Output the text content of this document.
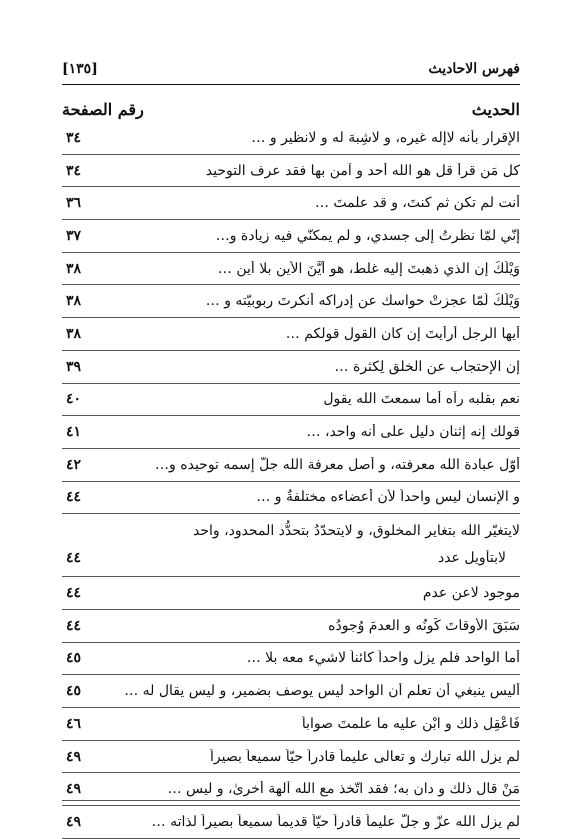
فهرس الاحاديث
[١٣٥]
الحديث
رقم الصفحة
الإقرار بأنه لاإله غيره، و لاشِبهَ له و لانظير و …
٣٤
كل مَن قرأ قل هو الله أحد و آمن بها فقد عرف التوحيد
٣٤
أنت لم تكن ثم كنتَ، و قد علمتَ …
٣٦
إنّي لمّا نظرتُ إلى جسدي، و لم يمكنّي فيه زيادة و…
٣٧
وَيْلَكَ إن الذي ذهبتَ إليه غلط، هو أَيَّنَ الأين بلا أين …
٣٨
وَيْلَكَ لَمّا عجزتْ حواسك عن إدراكه أنكرتَ ربوبيّته و …
٣٨
أيها الرجل أرأيتَ إن كان القول قولكم …
٣٨
إن الإحتجاب عن الخلق لِكثرة …
٣٩
نعم بقلبه رآه أما سمعتَ الله يقول
٤٠
قولك إنه إثنان دليل على أنه واحد، …
٤١
أوّل عبادة الله معرفته، و أصل معرفة الله جلّ إسمه توحيده و…
٤٢
و الإنسان ليس واحداً لأن أعضاءه مختلفةٌ و …
٤٤
لايتغيّر الله بتغاير المخلوق، و لايتحدّدُ بتحدُّد المحدود، واحد
لابتأويل عدد
٤٤
موجود لاعن عدم
٤٤
سَبَقَ الأوقاتَ كَونُه و العدمَ وُجودُه
٤٤
أما الواحد فلم يزل واحداً كائناً لاشيء معه بلا …
٤٥
أليس ينبغي أن تعلم أن الواحد ليس يوصف بضمير، و ليس يقال له …
٤٥
فَاعْقِل ذلك و ابْنِ عليه ما علمتَ صواباً
٤٦
لم يزل الله تبارك و تعالى عليماً قادراً حيّاً سميعاً بصيراً
٤٩
مَنْ قال ذلك و دان به؛ فقد اتّخذ مع الله آلهة أُخرىٰ، و ليس …
٤٩
لم يزل الله عزّ و جلّ عليماً قادراً حيّاً قديماً سميعاً بصيراً لذاته …
٤٩
